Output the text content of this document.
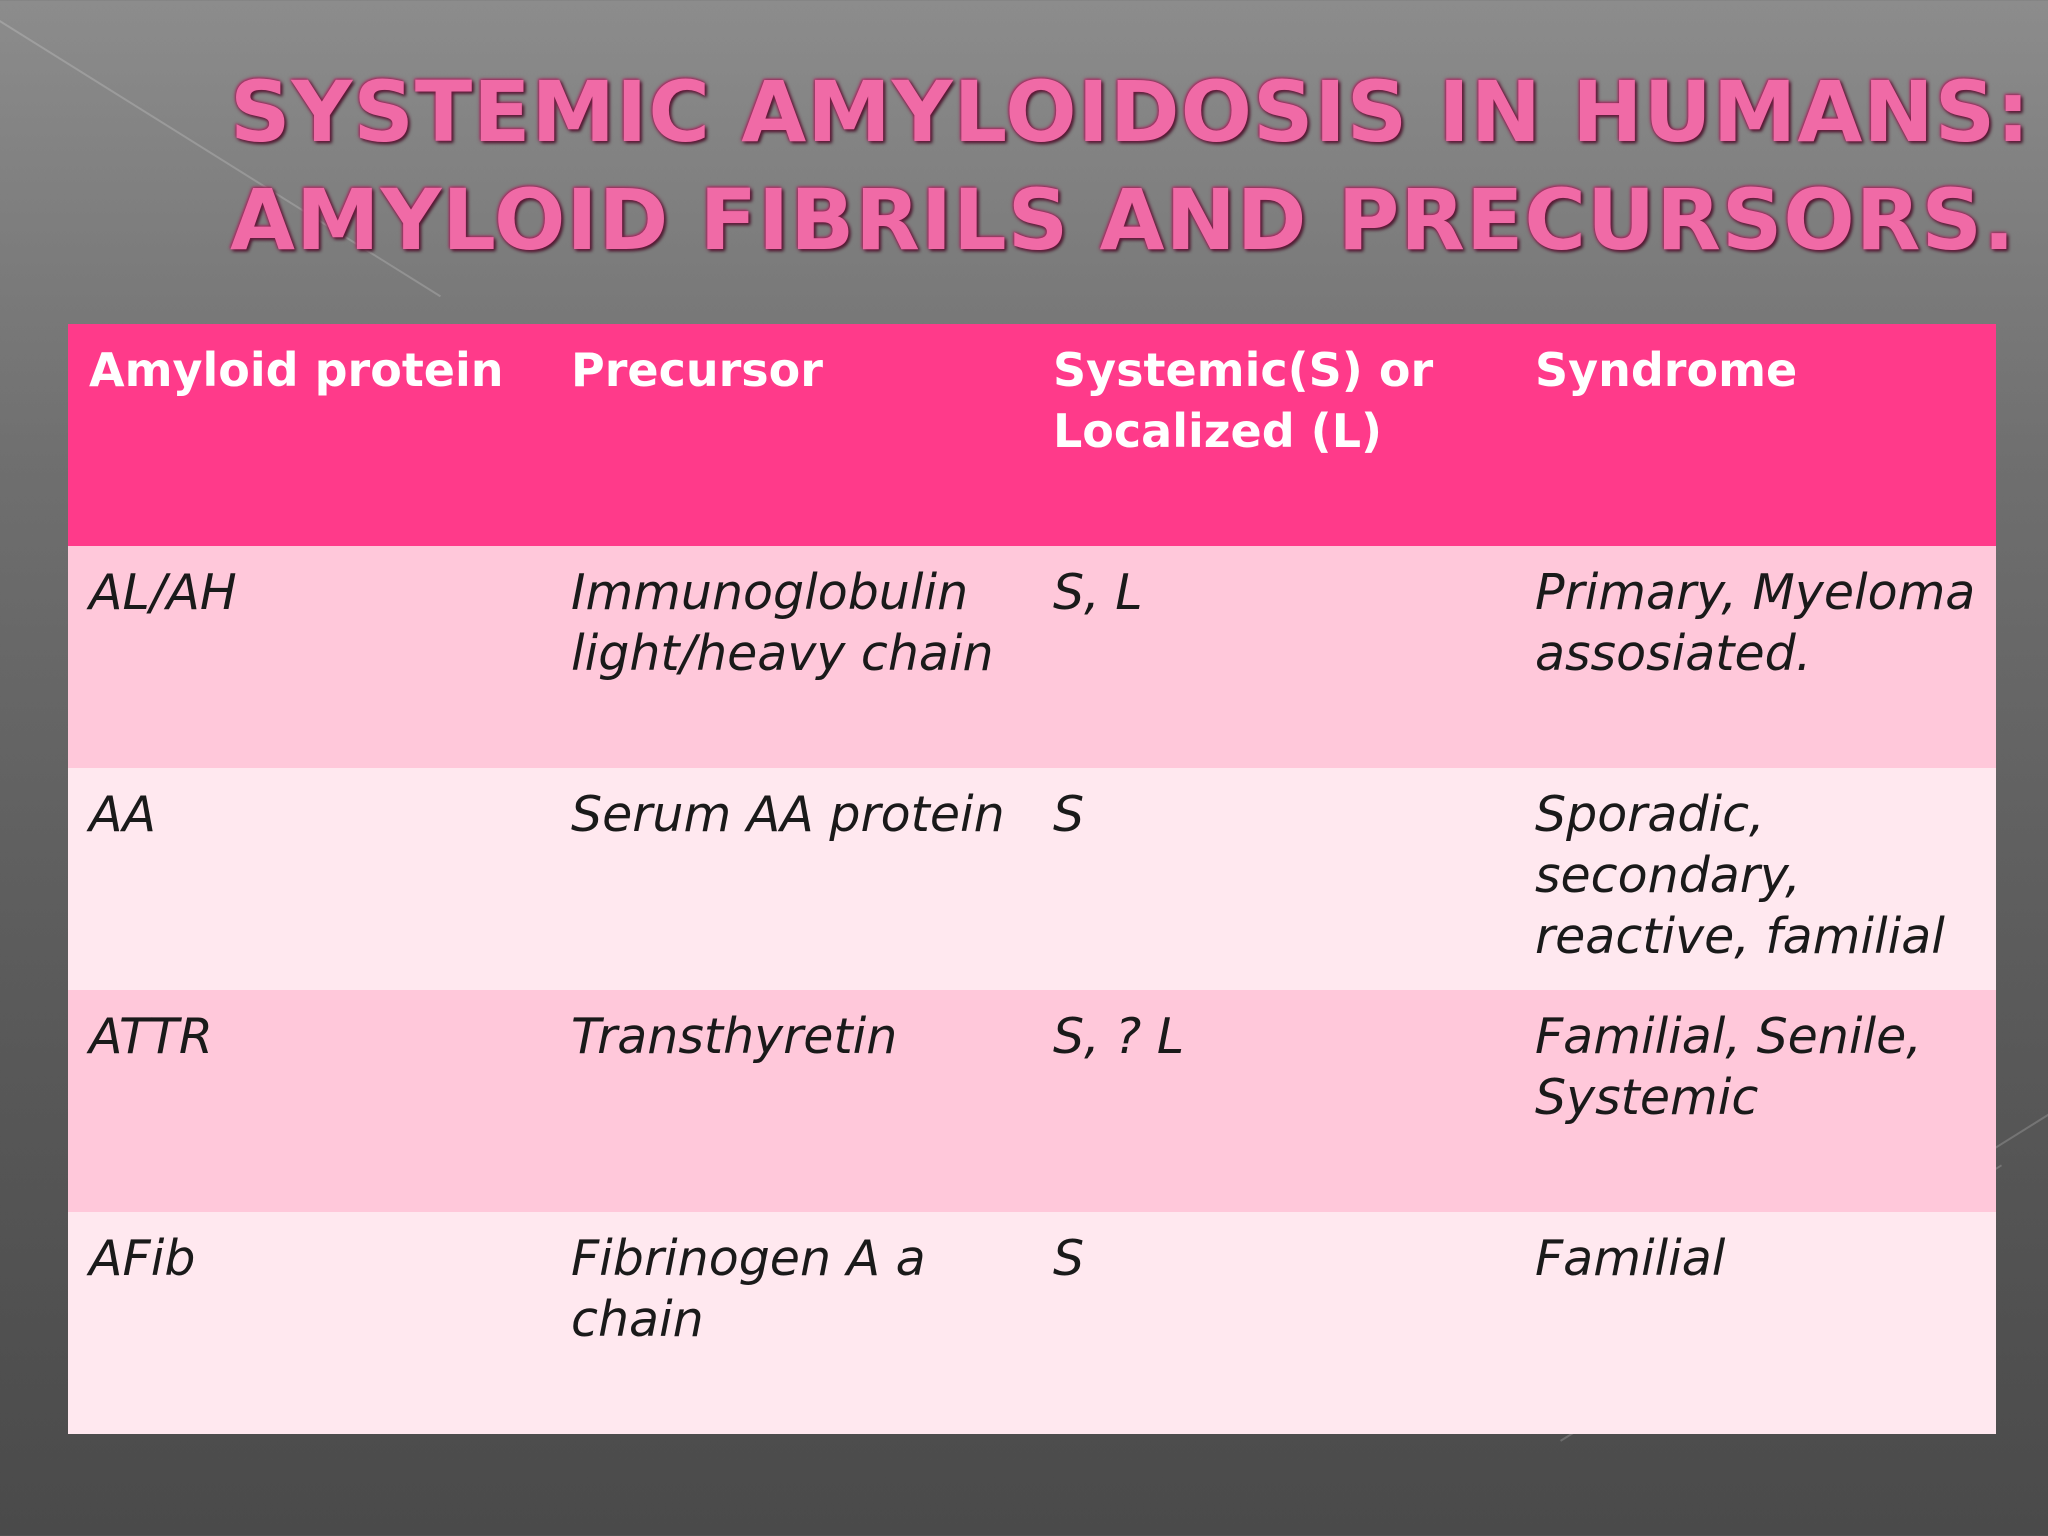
SYSTEMIC AMYLOIDOSIS IN HUMANS:
AMYLOID FIBRILS AND PRECURSORS.
Amyloid protein	Precursor	Systemic(S) or Localized (L)	Syndrome
AL/AH	Immunoglobulin light/heavy chain	S, L	Primary, Myeloma assosiated.
AA	Serum AA protein	S	Sporadic, secondary, reactive, familial
ATTR	Transthyretin	S, ? L	Familial, Senile, Systemic
AFib	Fibrinogen A a chain	S	Familial
